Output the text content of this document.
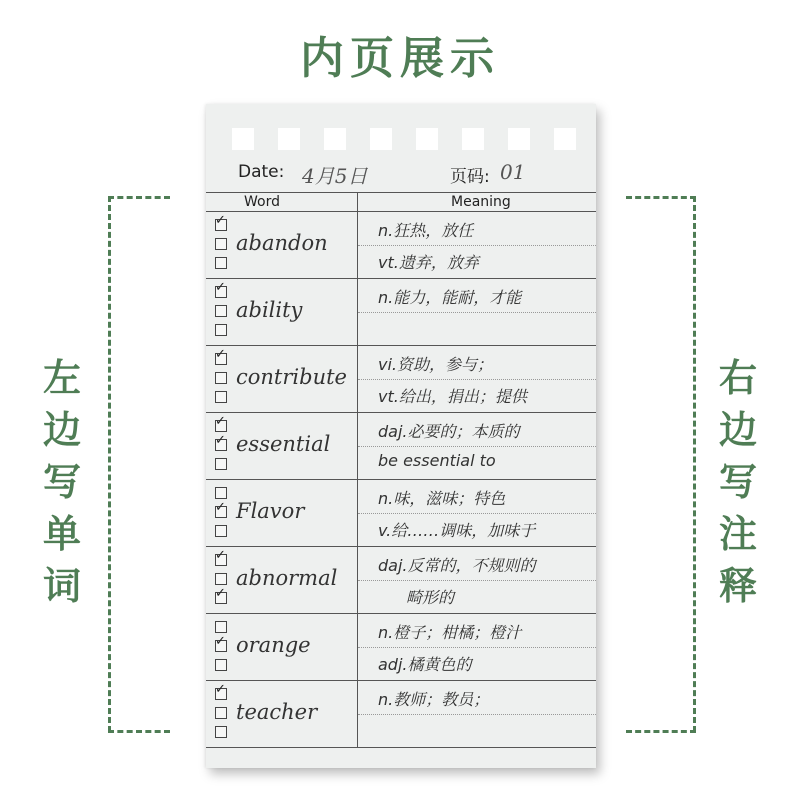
内页展示
左
边
写
单
词
右
边
写
注
释
Date: 4月5日	页码: 01
Word	Meaning
✓
abandon
n.狂热，放任
vt.遗弃，放弃
✓
ability
n.能力，能耐，才能
✓
contribute
vi.资助，参与；
vt.给出，捐出；提供
✓
✓ essential
daj.必要的；本质的
be essential to
✓ Flavor
n.味，滋味；特色
v.给……调味，加味于
✓
✓
abnormal
daj.反常的，不规则的
畸形的
✓ orange
n.橙子；柑橘；橙汁
adj.橘黄色的
✓
teacher
n.教师；教员；
